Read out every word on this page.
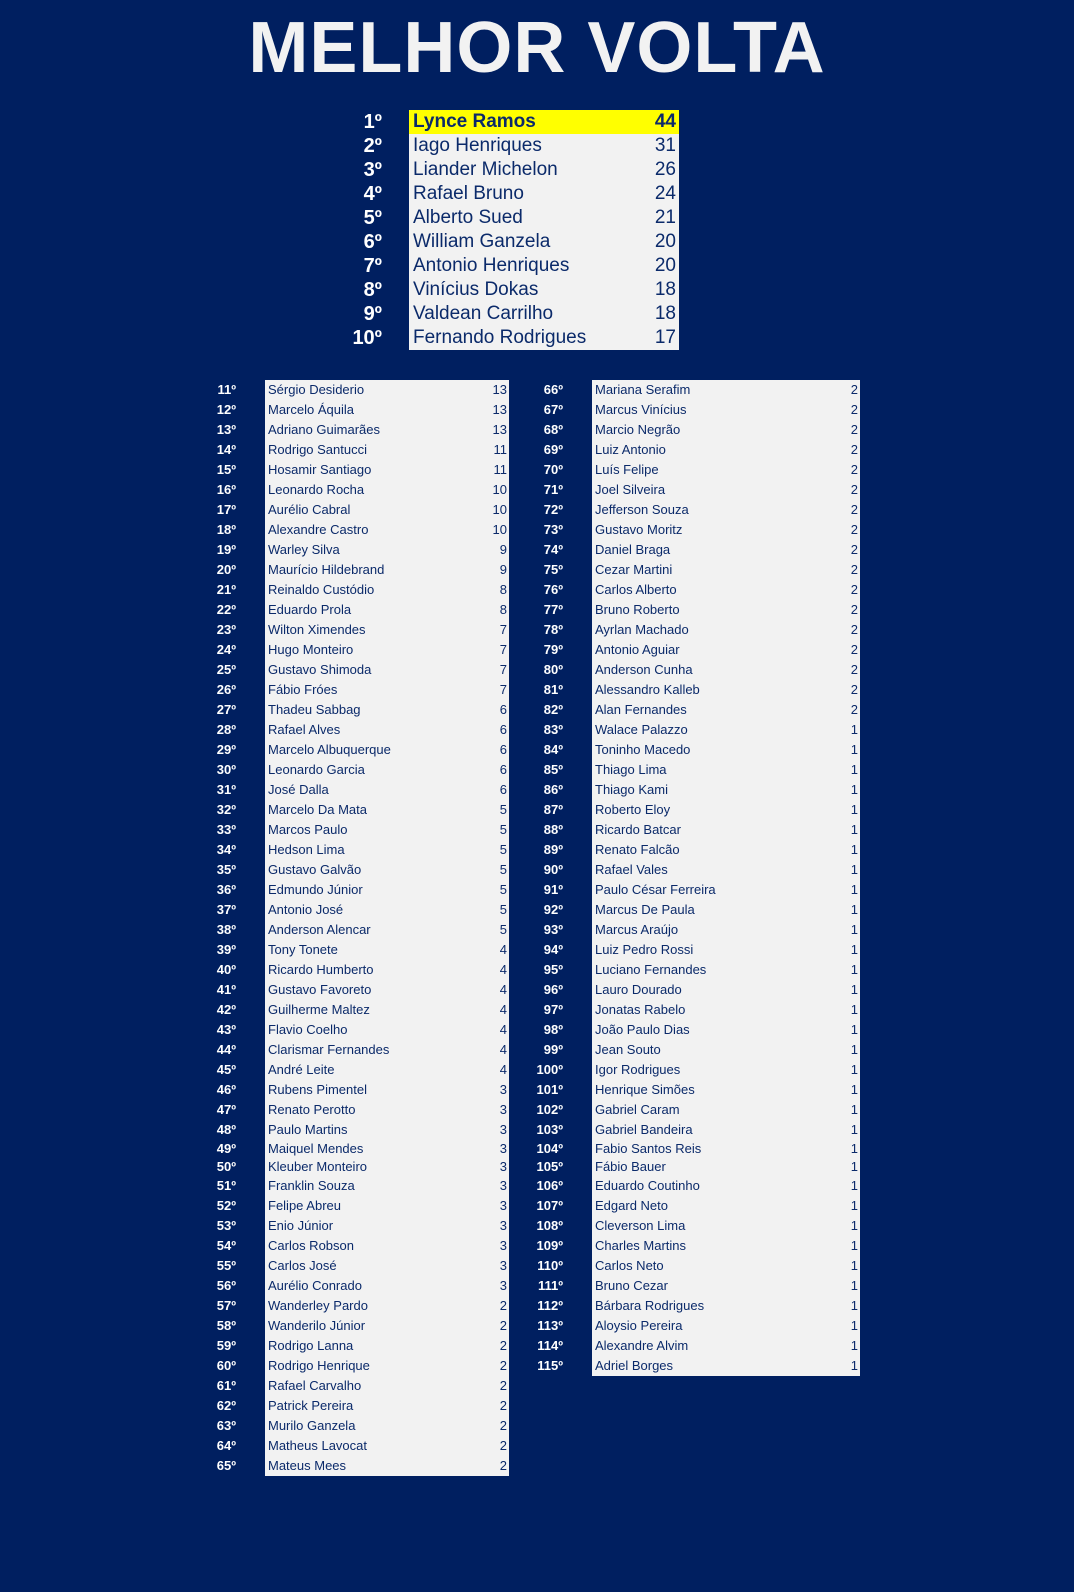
MELHOR VOLTA
1º Lynce Ramos	44
2º Iago Henriques	31
3º Liander Michelon	26
4º Rafael Bruno	24
5º Alberto Sued	21
6º William Ganzela	20
7º Antonio Henriques	20
8º Vinícius Dokas	18
9º Valdean Carrilho	18
10º Fernando Rodrigues	17
11º Sérgio Desiderio	13
12º Marcelo Áquila	13
13º Adriano Guimarães	13
14º Rodrigo Santucci	11
15º Hosamir Santiago	11
16º Leonardo Rocha	10
17º Aurélio Cabral	10
18º Alexandre Castro	10
19º Warley Silva	9
20º Maurício Hildebrand	9
21º Reinaldo Custódio	8
22º Eduardo Prola	8
23º Wilton Ximendes	7
24º Hugo Monteiro	7
25º Gustavo Shimoda	7
26º Fábio Fróes	7
27º Thadeu Sabbag	6
28º Rafael Alves	6
29º Marcelo Albuquerque	6
30º Leonardo Garcia	6
31º José Dalla	6
32º Marcelo Da Mata	5
33º Marcos Paulo	5
34º Hedson Lima	5
35º Gustavo Galvão	5
36º Edmundo Júnior	5
37º Antonio José	5
38º Anderson Alencar	5
39º Tony Tonete	4
40º Ricardo Humberto	4
41º Gustavo Favoreto	4
42º Guilherme Maltez	4
43º Flavio Coelho	4
44º Clarismar Fernandes	4
45º André Leite	4
46º Rubens Pimentel	3
47º Renato Perotto	3
48º Paulo Martins	3
49º Maiquel Mendes	3
50º Kleuber Monteiro	3
51º Franklin Souza	3
52º Felipe Abreu	3
53º Enio Júnior	3
54º Carlos Robson	3
55º Carlos José	3
56º Aurélio Conrado	3
57º Wanderley Pardo	2
58º Wanderilo Júnior	2
59º Rodrigo Lanna	2
60º Rodrigo Henrique	2
61º Rafael Carvalho	2
62º Patrick Pereira	2
63º Murilo Ganzela	2
64º Matheus Lavocat	2
65º Mateus Mees	2
66º Mariana Serafim	2
67º Marcus Vinícius	2
68º Marcio Negrão	2
69º Luiz Antonio	2
70º Luís Felipe	2
71º Joel Silveira	2
72º Jefferson Souza	2
73º Gustavo Moritz	2
74º Daniel Braga	2
75º Cezar Martini	2
76º Carlos Alberto	2
77º Bruno Roberto	2
78º Ayrlan Machado	2
79º Antonio Aguiar	2
80º Anderson Cunha	2
81º Alessandro Kalleb	2
82º Alan Fernandes	2
83º Walace Palazzo	1
84º Toninho Macedo	1
85º Thiago Lima	1
86º Thiago Kami	1
87º Roberto Eloy	1
88º Ricardo Batcar	1
89º Renato Falcão	1
90º Rafael Vales	1
91º Paulo César Ferreira	1
92º Marcus De Paula	1
93º Marcus Araújo	1
94º Luiz Pedro Rossi	1
95º Luciano Fernandes	1
96º Lauro Dourado	1
97º Jonatas Rabelo	1
98º João Paulo Dias	1
99º Jean Souto	1
100º Igor Rodrigues	1
101º Henrique Simões	1
102º Gabriel Caram	1
103º Gabriel Bandeira	1
104º Fabio Santos Reis	1
105º Fábio Bauer	1
106º Eduardo Coutinho	1
107º Edgard Neto	1
108º Cleverson Lima	1
109º Charles Martins	1
110º Carlos Neto	1
111º Bruno Cezar	1
112º Bárbara Rodrigues	1
113º Aloysio Pereira	1
114º Alexandre Alvim	1
115º Adriel Borges	1
